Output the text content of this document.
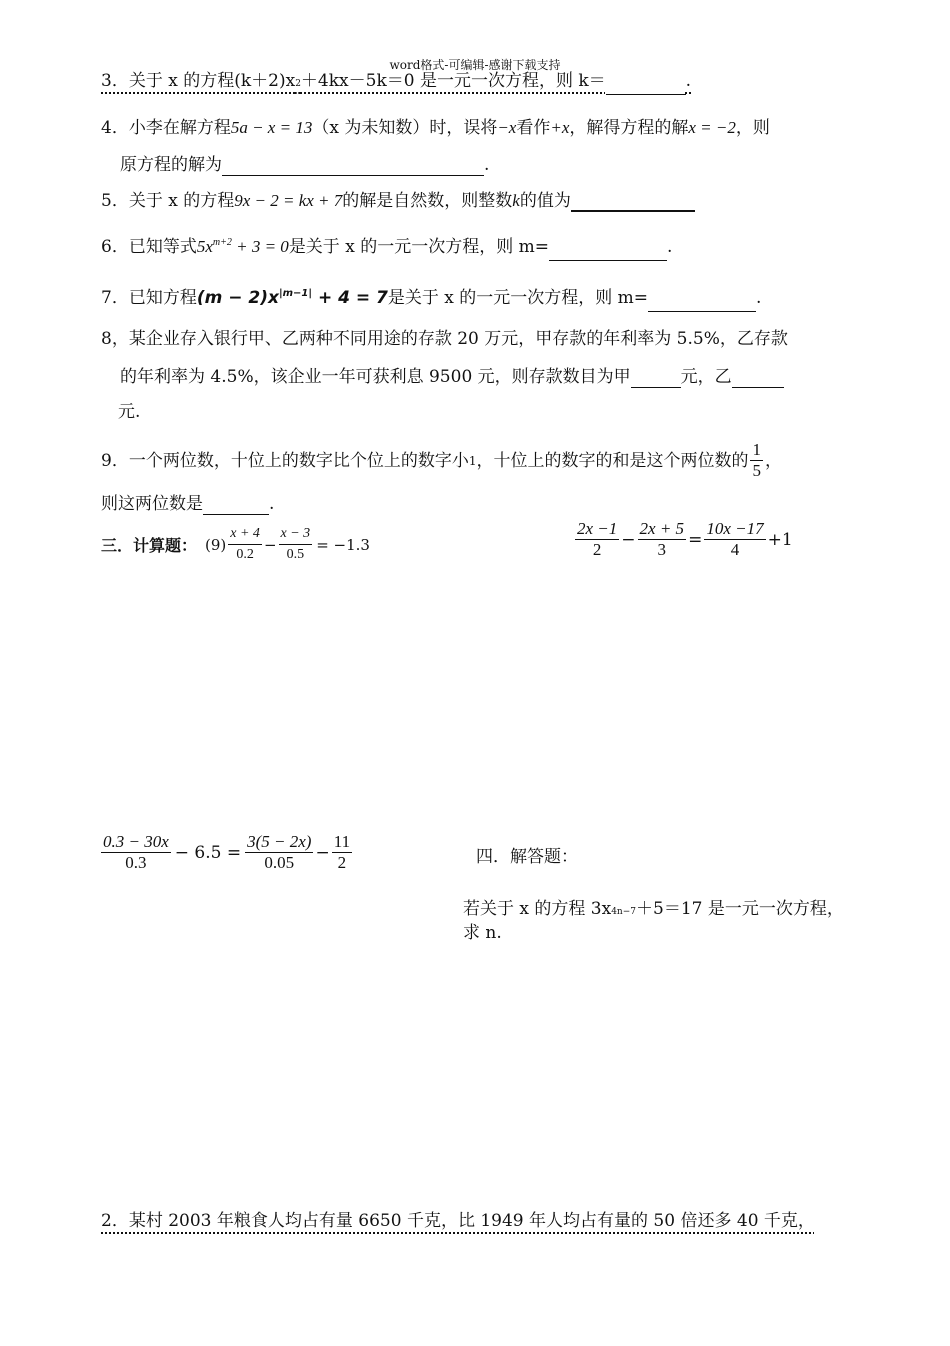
word格式-可编辑-感谢下载支持
3．关于 x 的方程(k＋2)x2＋4kx－5k＝0 是一元一次方程，则 k＝	.
4．小李在解方程5a − x = 13（x 为未知数）时，误将−x看作+x，解得方程的解x = −2，则
原方程的解为	.
5．关于 x 的方程9x − 2 = kx + 7的解是自然数，则整数k的值为
6．已知等式$5x^{m+2} + 3 = 0$是关于 x 的一元一次方程，则 m=	.
7．已知方程$(m - 2)x^{|m-1|} + 4 = 7$是关于 x 的一元一次方程，则 m=	.
8，某企业存入银行甲、乙两种不同用途的存款 20 万元，甲存款的年利率为 5.5%，乙存款
的年利率为 4.5%，该企业一年可获利息 9500 元，则存款数目为甲	元，乙
元.
9．一个两位数，十位上的数字比个位上的数字小 1 ，十位上的数字的和是这个两位数的 $\frac{1}{5}$ ，
则这两位数是	.
三．计算题： $(9) \frac{x + 4}{0.2} - \frac{x - 3}{0.5} = -1.3$	$\frac{2x -1}{2} - \frac{2x + 5}{3} = \frac{10x -17}{4} +1$
$\frac{0.3 - 30x}{0.3} - 6.5 = \frac{3(5 - 2x)}{0.05} - \frac{11}{2}$	四．解答题：
若关于 x 的方程 3x4n−7＋5＝17 是一元一次方程，
求 n.
2．某村 2003 年粮食人均占有量 6650 千克，比 1949 年人均占有量的 50 倍还多 40 千克，
